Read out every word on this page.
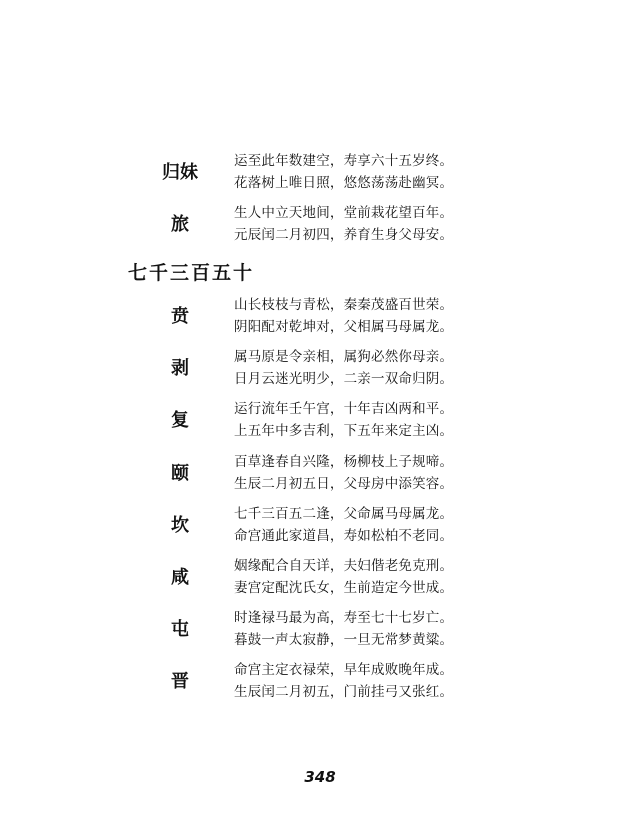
归妹
运至此年数建空，寿享六十五岁终。
花落树上唯日照，悠悠荡荡赴幽冥。
旅
生人中立天地间，堂前栽花望百年。
元辰闰二月初四，养育生身父母安。
七千三百五十
贲
山长枝枝与青松，秦秦茂盛百世荣。
阴阳配对乾坤对，父相属马母属龙。
剥
属马原是令亲相，属狗必然你母亲。
日月云迷光明少，二亲一双命归阴。
复
运行流年壬午宫，十年吉凶两和平。
上五年中多吉利，下五年来定主凶。
颐
百草逢春自兴隆，杨柳枝上子规啼。
生辰二月初五日，父母房中添笑容。
坎
七千三百五二逢，父命属马母属龙。
命宫通此家道昌，寿如松柏不老同。
咸
姻缘配合自天详，夫妇偕老免克刑。
妻宫定配沈氏女，生前造定今世成。
屯
时逢禄马最为高，寿至七十七岁亡。
暮鼓一声太寂静，一旦无常梦黄粱。
晋
命宫主定衣禄荣，早年成败晚年成。
生辰闰二月初五，门前挂弓又张红。
348
